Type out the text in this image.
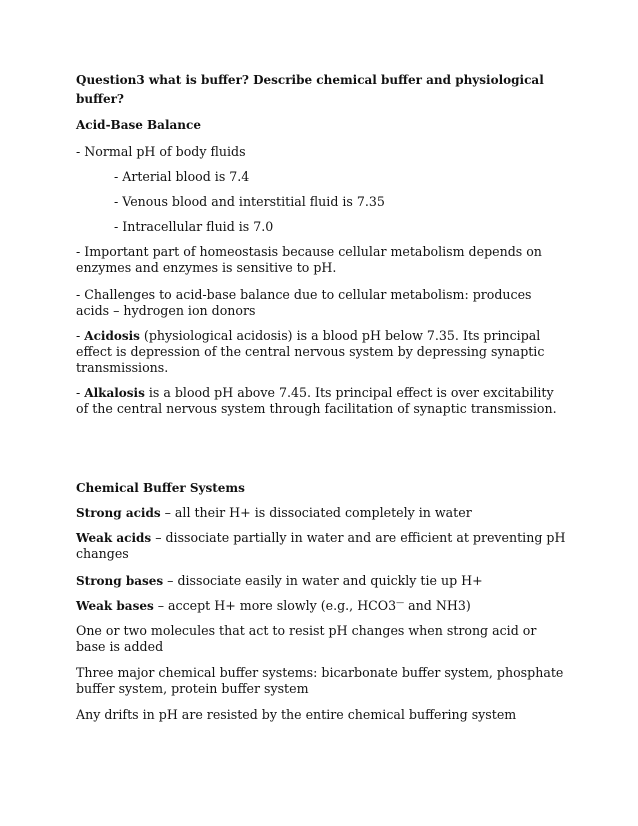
Question3 what is buffer? Describe chemical buffer and physiological
buffer?
Acid-Base Balance
- Normal pH of body fluids
- Arterial blood is 7.4
- Venous blood and interstitial fluid is 7.35
- Intracellular fluid is 7.0
- Important part of homeostasis because cellular metabolism depends on enzymes and enzymes is sensitive to pH.
- Challenges to acid-base balance due to cellular metabolism: produces acids – hydrogen ion donors
- Acidosis (physiological acidosis) is a blood pH below 7.35. Its principal effect is depression of the central nervous system by depressing synaptic transmissions.
- Alkalosis is a blood pH above 7.45. Its principal effect is over excitability of the central nervous system through facilitation of synaptic transmission.
Chemical Buffer Systems
Strong acids – all their H+ is dissociated completely in water
Weak acids – dissociate partially in water and are efficient at preventing pH changes
Strong bases – dissociate easily in water and quickly tie up H+
Weak bases – accept H+ more slowly (e.g., HCO3— and NH3)
One or two molecules that act to resist pH changes when strong acid or base is added
Three major chemical buffer systems: bicarbonate buffer system, phosphate buffer system, protein buffer system
Any drifts in pH are resisted by the entire chemical buffering system
